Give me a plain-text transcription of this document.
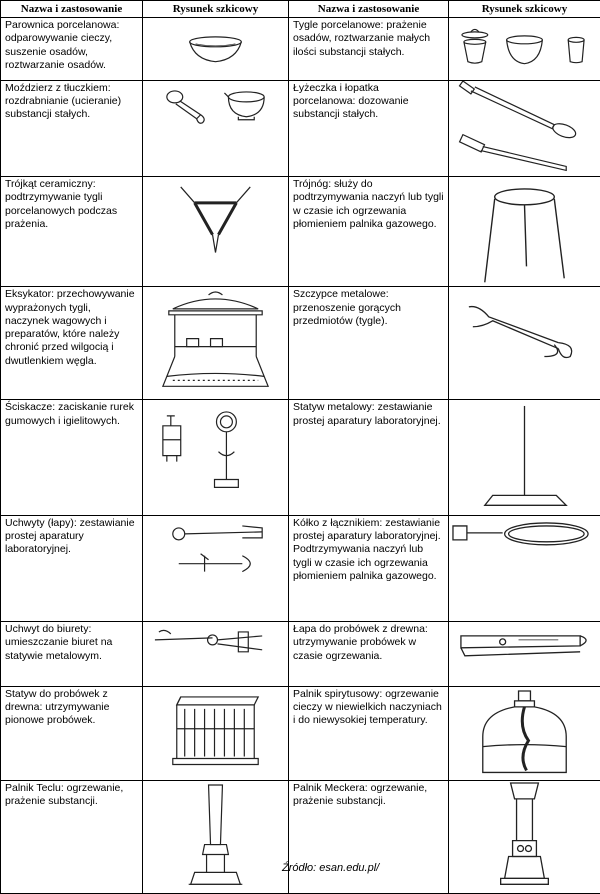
Nazwa i zastosowanie	Rysunek szkicowy	Nazwa i zastosowanie	Rysunek szkicowy
Parownica porcelanowa: odparowywanie cieczy, suszenie osadów, roztwarzanie osadów.		Tygle porcelanowe: prażenie osadów, roztwarzanie małych ilości substancji stałych.	

Moździerz z tłuczkiem: rozdrabnianie (ucieranie) substancji stałych.		Łyżeczka i łopatka porcelanowa: dozowanie substancji stałych.	

Trójkąt ceramiczny: podtrzymywanie tygli porcelanowych podczas prażenia.		Trójnóg: służy do podtrzymywania naczyń lub tygli w czasie ich ogrzewania płomieniem palnika gazowego.	

Eksykator: przechowywanie wyprażonych tygli, naczynek wagowych i preparatów, które należy chronić przed wilgocią i dwutlenkiem węgla.		Szczypce metalowe: przenoszenie gorących przedmiotów (tygle).	

Ściskacze: zaciskanie rurek gumowych i igielitowych.		Statyw metalowy: zestawianie prostej aparatury laboratoryjnej.	

Uchwyty (łapy): zestawianie prostej aparatury laboratoryjnej.		Kółko z łącznikiem: zestawianie prostej aparatury laboratoryjnej. Podtrzymywania naczyń lub tygli w czasie ich ogrzewania płomieniem palnika gazowego.	

Uchwyt do biurety: umieszczanie biuret na statywie metalowym.		Łapa do probówek z drewna: utrzymywanie probówek w czasie ogrzewania.	

Statyw do probówek z drewna: utrzymywanie pionowe probówek.		Palnik spirytusowy: ogrzewanie cieczy w niewielkich naczyniach i do niewysokiej temperatury.	

Palnik Teclu: ogrzewanie, prażenie substancji.		Palnik Meckera: ogrzewanie, prażenie substancji.	
Źródło: esan.edu.pl/
